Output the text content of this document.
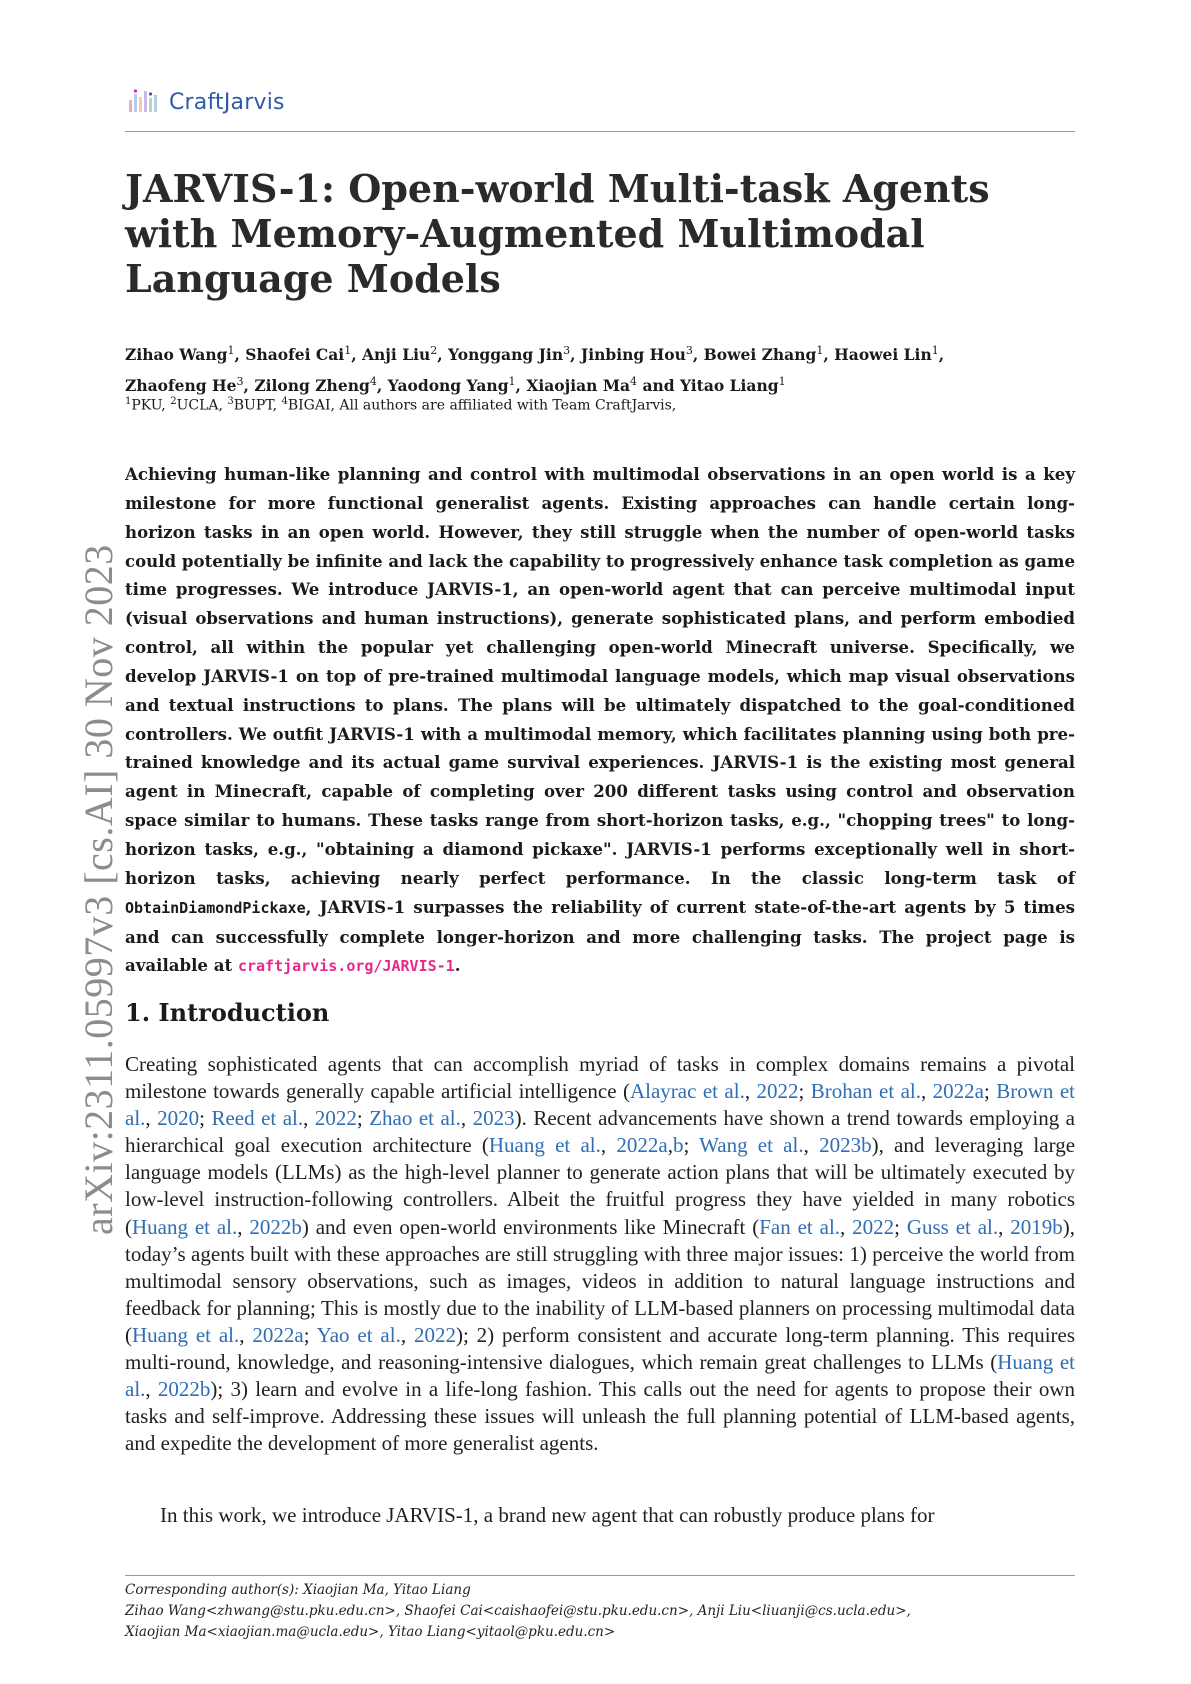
CraftJarvis
JARVIS-1: Open-world Multi-task Agents with Memory-Augmented Multimodal Language Models
Zihao Wang$^1$, Shaofei Cai$^1$, Anji Liu$^2$, Yonggang Jin$^3$, Jinbing Hou$^3$, Bowei Zhang$^1$, Haowei Lin$^1$,
Zhaofeng He$^3$, Zilong Zheng$^4$, Yaodong Yang$^1$, Xiaojian Ma$^4$ and Yitao Liang$^1$
$^1$PKU, $^2$UCLA, $^3$BUPT, $^4$BIGAI, All authors are affiliated with Team CraftJarvis,

Achieving human-like planning and control with multimodal observations in an open world is a key milestone for more functional generalist agents. Existing approaches can handle certain long-horizon tasks in an open world. However, they still struggle when the number of open-world tasks could potentially be infinite and lack the capability to progressively enhance task completion as game time progresses. We introduce JARVIS-1, an open-world agent that can perceive multimodal input (visual observations and human instructions), generate sophisticated plans, and perform embodied control, all within the popular yet challenging open-world Minecraft universe. Specifically, we develop JARVIS-1 on top of pre-trained multimodal language models, which map visual observations and textual instructions to plans. The plans will be ultimately dispatched to the goal-conditioned controllers. We outfit JARVIS-1 with a multimodal memory, which facilitates planning using both pre-trained knowledge and its actual game survival experiences. JARVIS-1 is the existing most general agent in Minecraft, capable of completing over 200 different tasks using control and observation space similar to humans. These tasks range from short-horizon tasks, e.g., "chopping trees" to long-horizon tasks, e.g., "obtaining a diamond pickaxe". JARVIS-1 performs exceptionally well in short-horizon tasks, achieving nearly perfect performance. In the classic long-term task of ObtainDiamondPickaxe, JARVIS-1 surpasses the reliability of current state-of-the-art agents by 5 times and can successfully complete longer-horizon and more challenging tasks. The project page is available at craftjarvis.org/JARVIS-1.

1. Introduction

Creating sophisticated agents that can accomplish myriad of tasks in complex domains remains a pivotal milestone towards generally capable artificial intelligence (Alayrac et al., 2022; Brohan et al., 2022a; Brown et al., 2020; Reed et al., 2022; Zhao et al., 2023). Recent advancements have shown a trend towards employing a hierarchical goal execution architecture (Huang et al., 2022a,b; Wang et al., 2023b), and leveraging large language models (LLMs) as the high-level planner to generate action plans that will be ultimately executed by low-level instruction-following controllers. Albeit the fruitful progress they have yielded in many robotics (Huang et al., 2022b) and even open-world environments like Minecraft (Fan et al., 2022; Guss et al., 2019b), today’s agents built with these approaches are still struggling with three major issues: 1) perceive the world from multimodal sensory observations, such as images, videos in addition to natural language instructions and feedback for planning; This is mostly due to the inability of LLM-based planners on processing multimodal data (Huang et al., 2022a; Yao et al., 2022); 2) perform consistent and accurate long-term planning. This requires multi-round, knowledge, and reasoning-intensive dialogues, which remain great challenges to LLMs (Huang et al., 2022b); 3) learn and evolve in a life-long fashion. This calls out the need for agents to propose their own tasks and self-improve. Addressing these issues will unleash the full planning potential of LLM-based agents, and expedite the development of more generalist agents.

In this work, we introduce JARVIS-1, a brand new agent that can robustly produce plans for

arXiv:2311.05997v3 [cs.AI] 30 Nov 2023
Corresponding author(s): Xiaojian Ma, Yitao Liang
Zihao Wang<zhwang@stu.pku.edu.cn>, Shaofei Cai<caishaofei@stu.pku.edu.cn>, Anji Liu<liuanji@cs.ucla.edu>,
Xiaojian Ma<xiaojian.ma@ucla.edu>, Yitao Liang<yitaol@pku.edu.cn>
